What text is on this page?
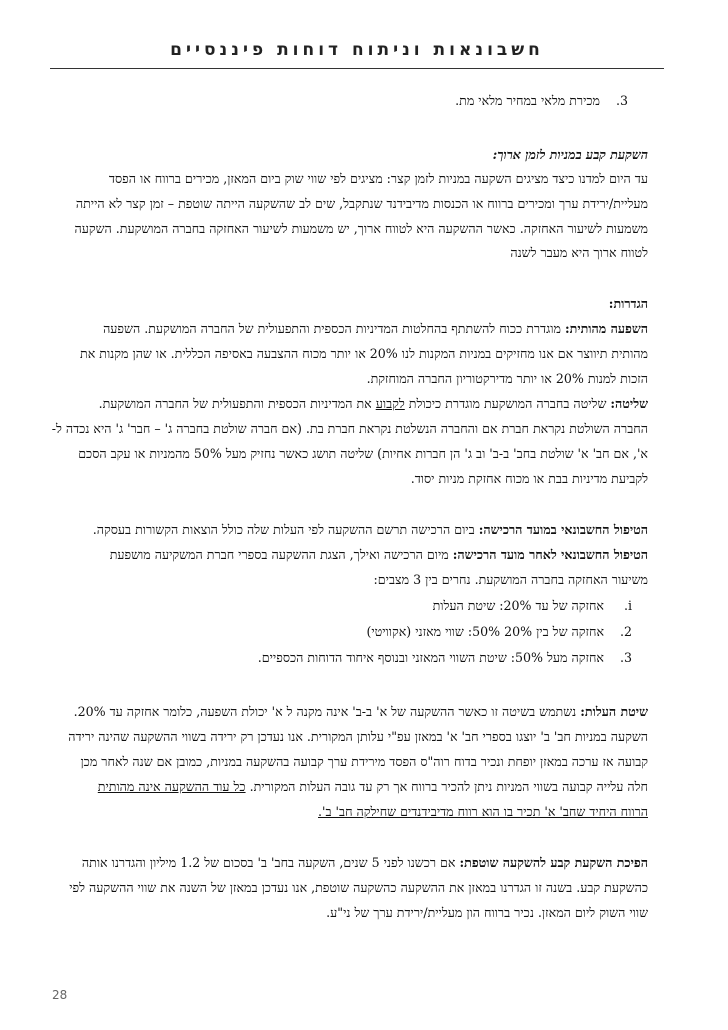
חשבונאות וניתוח דוחות פיננסיים
3.מכירת מלאי במחיר מלאי מת.
השקעת קבע במניות לזמן ארוך:
עד היום למדנו כיצד מציגים השקעה במניות לזמן קצר: מציגים לפי שווי שוק ביום המאזן, מכירים ברווח או הפסד
מעליית/ירידת ערך ומכירים ברווח או הכנסות מדיבידנד שנתקבל, שים לב שהשקעה הייתה שוטפת – זמן קצר לא הייתה
משמעות לשיעור האחזקה. כאשר ההשקעה היא לטווח ארוך, יש משמעות לשיעור האחזקה בחברה המושקעת. השקעה
לטווח ארוך היא מעבר לשנה
הגדרות:
השפעה מהותית: מוגדרת ככוח להשתתף בהחלטות המדיניות הכספית והתפעולית של החברה המושקעת. השפעה
מהותית תיווצר אם אנו מחזיקים במניות המקנות לנו 20% או יותר מכוח ההצבעה באסיפה הכללית. או שהן מקנות את
הזכות למנות 20% או יותר מדירקטוריון החברה המוחזקת.
שליטה: שליטה בחברה המושקעת מוגדרת כיכולת לקבוע את המדיניות הכספית והתפעולית של החברה המושקעת.
החברה השולטת נקראת חברת אם והחברה הנשלטת נקראת חברת בת. (אם חברה שולטת בחברה ג' – חבר' ג' היא נכדה ל-
א', אם חב' א' שולטת בחב' ב-ב' וב ג' הן חברות אחיות) שליטה תושג כאשר נחזיק מעל 50% מהמניות או עקב הסכם
לקביעת מדיניות בבת או מכוח אחזקת מניות יסוד.
הטיפול החשבונאי במועד הרכישה: ביום הרכישה תרשם ההשקעה לפי העלות שלה כולל הוצאות הקשורות בעסקה.
הטיפול החשבונאי לאחר מועד הרכישה: מיום הרכישה ואילך, הצגת ההשקעה בספרי חברת המשקיעה מושפעת
משיעור האחזקה בחברה המושקעת. נחרים בין 3 מצבים:
i.אחזקה של עד 20%: שיטת העלות
2.אחזקה של בין 20% 50%: שווי מאזני (אקוויטי)
3.אחזקה מעל 50%: שיטת השווי המאזני ובנוסף איחוד הדוחות הכספיים.
שיטת העלות: נשתמש בשיטה זו כאשר ההשקעה של א' ב-ב' אינה מקנה ל א' יכולת השפעה, כלומר אחזקה עד 20%.
השקעה במניות חב' ב' יוצגו בספרי חב' א' במאזן עפ"י עלותן המקורית. אנו נעדכן רק ירידה בשווי ההשקעה שהינה ירידה
קבועה אז ערכה במאזן יופחת ונכיר בדוח רוה"ס הפסד מירידת ערך קבועה בהשקעה במניות, כמובן אם שנה לאחר מכן
חלה עלייה קבועה בשווי המניות ניתן להכיר ברווח אך רק עד גובה העלות המקורית. כל עוד ההשקעה אינה מהותית
הרווח היחיד שחב' א' תכיר בו הוא רווח מדיבידנדים שחילקה חב' ב'.
הפיכת השקעת קבע להשקעה שוטפת: אם רכשנו לפני 5 שנים, השקעה בחב' ב' בסכום של 1.2 מיליון והגדרנו אותה
כהשקעת קבע. בשנה זו הגדרנו במאזן את ההשקעה כהשקעה שוטפת, אנו נעדכן במאזן של השנה את שווי ההשקעה לפי
שווי השוק ליום המאזן. נכיר ברווח הון מעליית/ירידת ערך של ני"ע.
28
